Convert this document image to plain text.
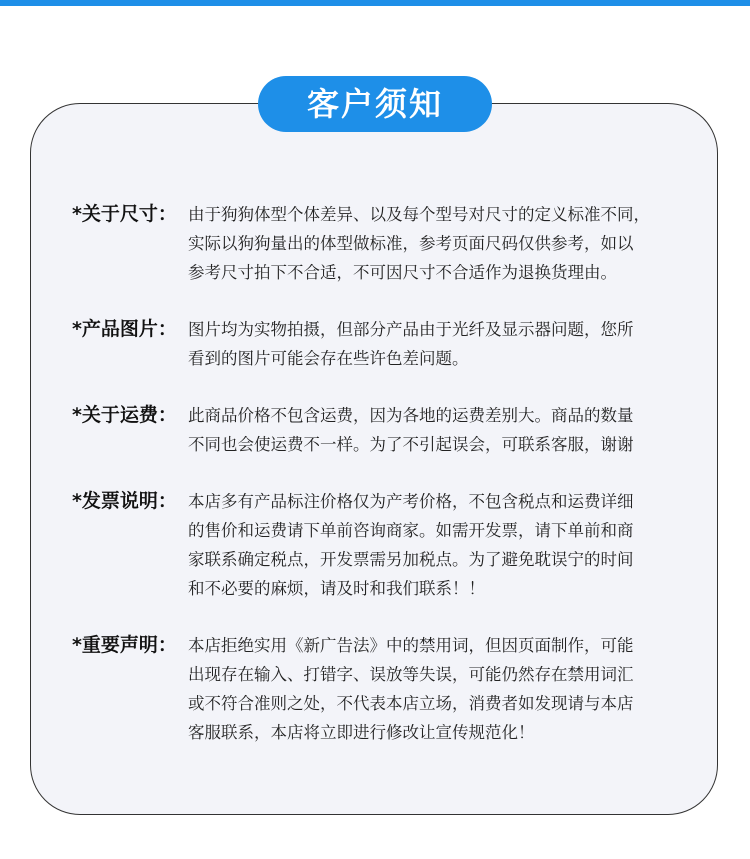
客户须知
*关于尺寸： 由于狗狗体型个体差异、以及每个型号对尺寸的定义标准不同，
实际以狗狗量出的体型做标准，参考页面尺码仅供参考，如以
参考尺寸拍下不合适，不可因尺寸不合适作为退换货理由。
*产品图片： 图片均为实物拍摄，但部分产品由于光纤及显示器问题，您所
看到的图片可能会存在些许色差问题。
*关于运费： 此商品价格不包含运费，因为各地的运费差别大。商品的数量
不同也会使运费不一样。为了不引起误会，可联系客服，谢谢
*发票说明： 本店多有产品标注价格仅为产考价格，不包含税点和运费详细
的售价和运费请下单前咨询商家。如需开发票，请下单前和商
家联系确定税点，开发票需另加税点。为了避免耽误宁的时间
和不必要的麻烦，请及时和我们联系！！
*重要声明： 本店拒绝实用《新广告法》中的禁用词，但因页面制作，可能
出现存在输入、打错字、误放等失误，可能仍然存在禁用词汇
或不符合准则之处，不代表本店立场，消费者如发现请与本店
客服联系，本店将立即进行修改让宣传规范化！
